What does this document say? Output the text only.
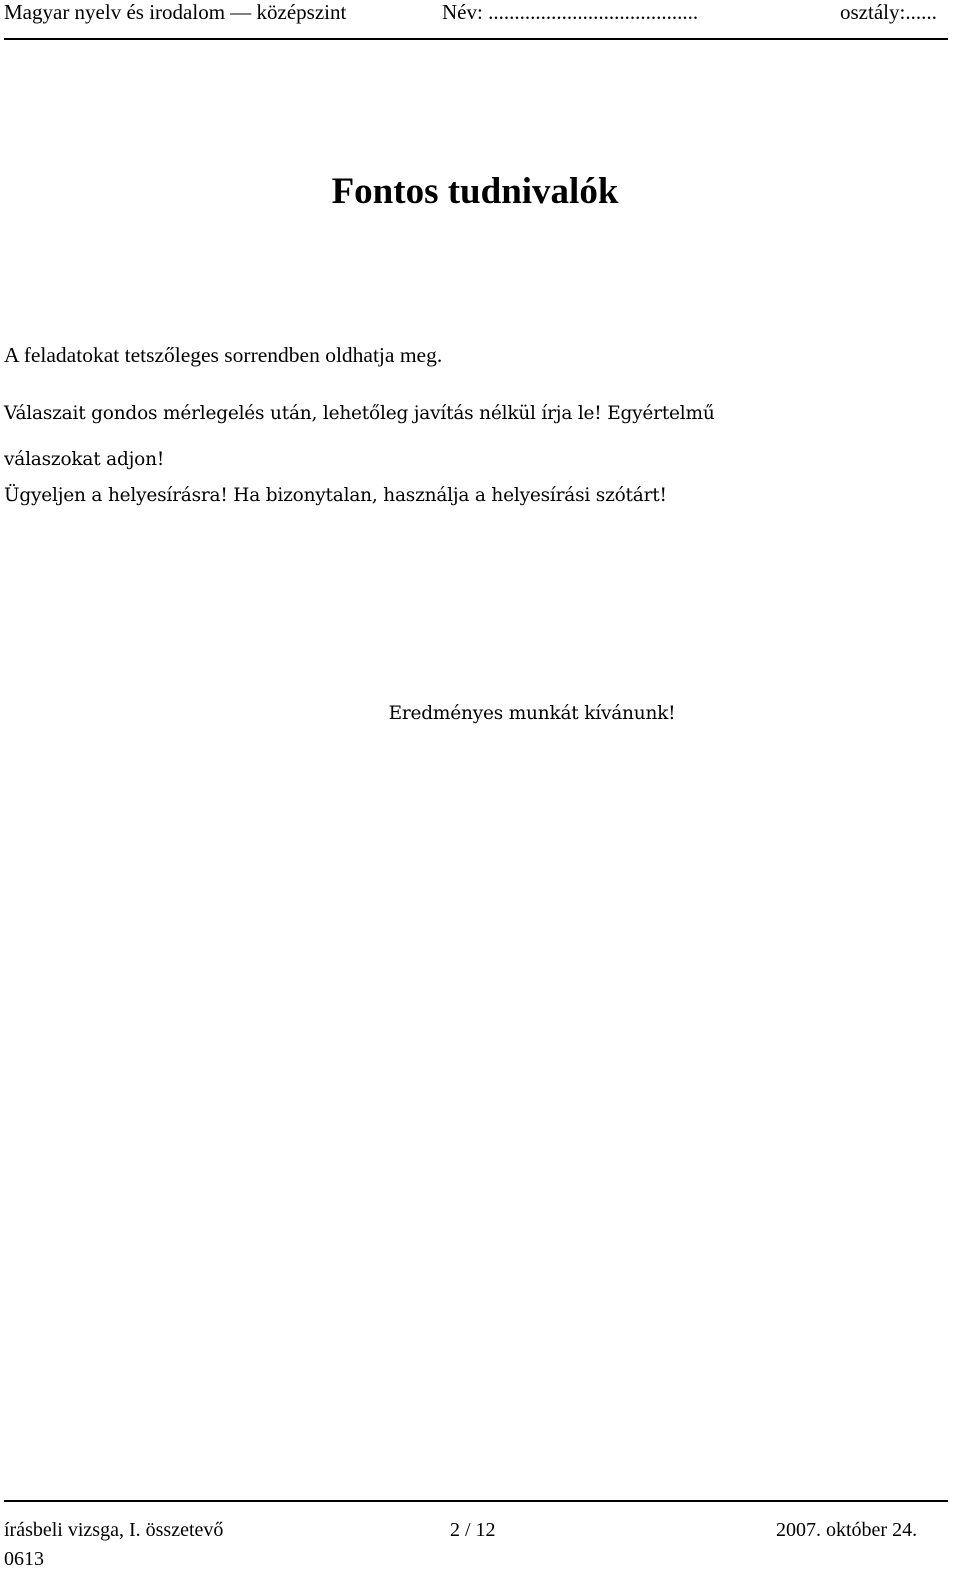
Magyar nyelv és irodalom — középszint	Név: ........................................	osztály:......
Fontos tudnivalók

A feladatokat tetszőleges sorrendben oldhatja meg.

Válaszait gondos mérlegelés után, lehetőleg javítás nélkül írja le! Egyértelmű
válaszokat adjon!

Ügyeljen a helyesírásra! Ha bizonytalan, használja a helyesírási szótárt!

Eredményes munkát kívánunk!

írásbeli vizsga, I. összetevő	2 / 12	2007. október 24.
0613
